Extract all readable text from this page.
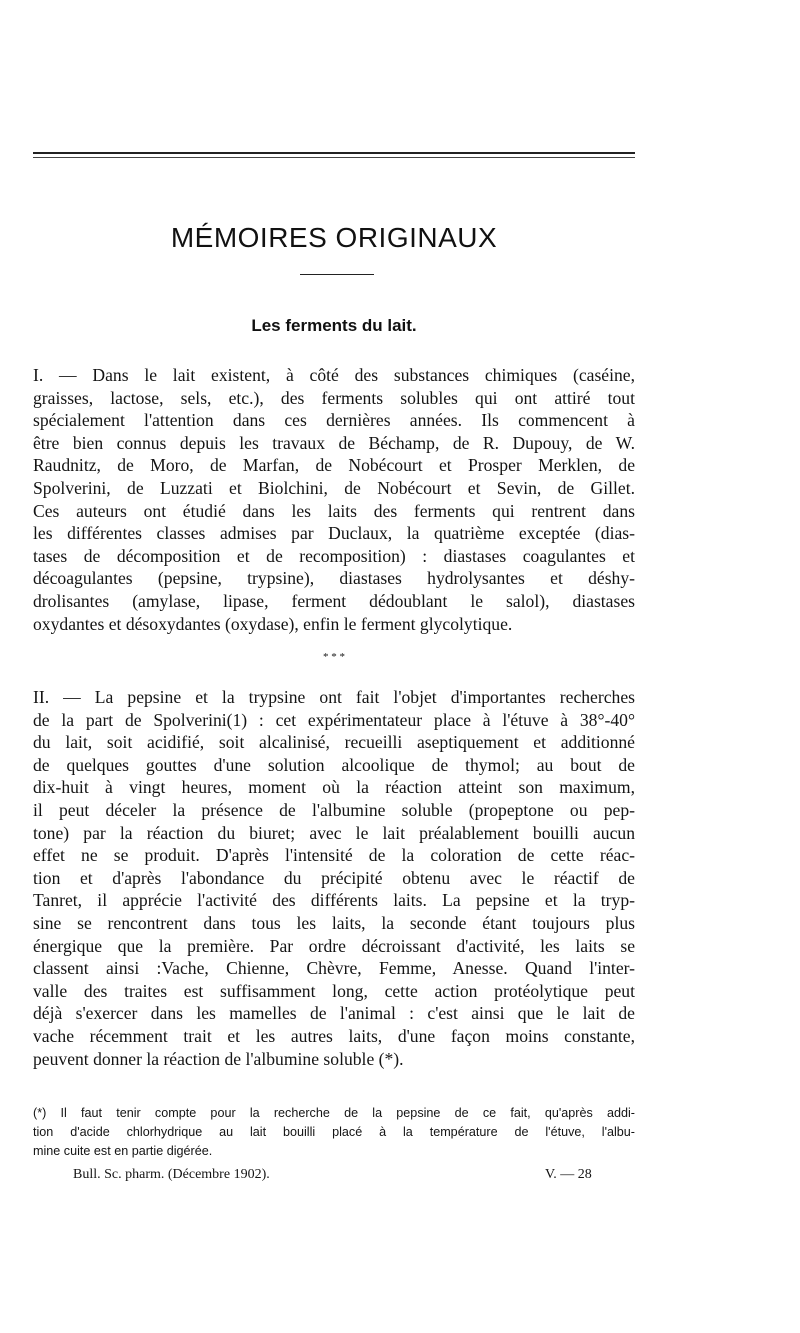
MÉMOIRES ORIGINAUX
Les ferments du lait.
I. — Dans le lait existent, à côté des substances chimiques (caséine,
graisses, lactose, sels, etc.), des ferments solubles qui ont attiré tout
spécialement l'attention dans ces dernières années. Ils commencent à
être bien connus depuis les travaux de Béchamp, de R. Dupouy, de W.
Raudnitz, de Moro, de Marfan, de Nobécourt et Prosper Merklen, de
Spolverini, de Luzzati et Biolchini, de Nobécourt et Sevin, de Gillet.
Ces auteurs ont étudié dans les laits des ferments qui rentrent dans
les différentes classes admises par Duclaux, la quatrième exceptée (dias-
tases de décomposition et de recomposition) : diastases coagulantes et
décoagulantes (pepsine, trypsine), diastases hydrolysantes et déshy-
drolisantes (amylase, lipase, ferment dédoublant le salol), diastases
oxydantes et désoxydantes (oxydase), enfin le ferment glycolytique.
* * *
II. — La pepsine et la trypsine ont fait l'objet d'importantes recherches
de la part de Spolverini(1) : cet expérimentateur place à l'étuve à 38°-40°
du lait, soit acidifié, soit alcalinisé, recueilli aseptiquement et additionné
de quelques gouttes d'une solution alcoolique de thymol; au bout de
dix-huit à vingt heures, moment où la réaction atteint son maximum,
il peut déceler la présence de l'albumine soluble (propeptone ou pep-
tone) par la réaction du biuret; avec le lait préalablement bouilli aucun
effet ne se produit. D'après l'intensité de la coloration de cette réac-
tion et d'après l'abondance du précipité obtenu avec le réactif de
Tanret, il apprécie l'activité des différents laits. La pepsine et la tryp-
sine se rencontrent dans tous les laits, la seconde étant toujours plus
énergique que la première. Par ordre décroissant d'activité, les laits se
classent ainsi :Vache, Chienne, Chèvre, Femme, Anesse. Quand l'inter-
valle des traites est suffisamment long, cette action protéolytique peut
déjà s'exercer dans les mamelles de l'animal : c'est ainsi que le lait de
vache récemment trait et les autres laits, d'une façon moins constante,
peuvent donner la réaction de l'albumine soluble (*).
(*) Il faut tenir compte pour la recherche de la pepsine de ce fait, qu'après addi-
tion d'acide chlorhydrique au lait bouilli placé à la température de l'étuve, l'albu-
mine cuite est en partie digérée.
Bull. Sc. pharm. (Décembre 1902).	V. — 28
